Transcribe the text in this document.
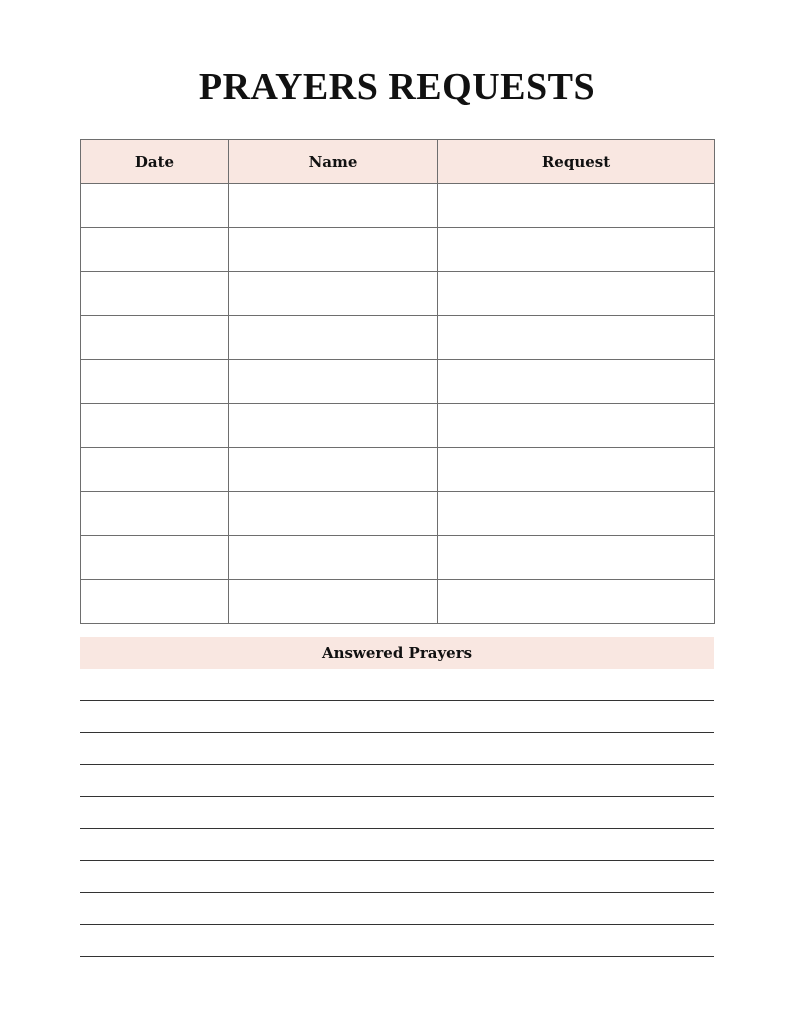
PRAYERS REQUESTS
Date	Name	Request

Answered Prayers
